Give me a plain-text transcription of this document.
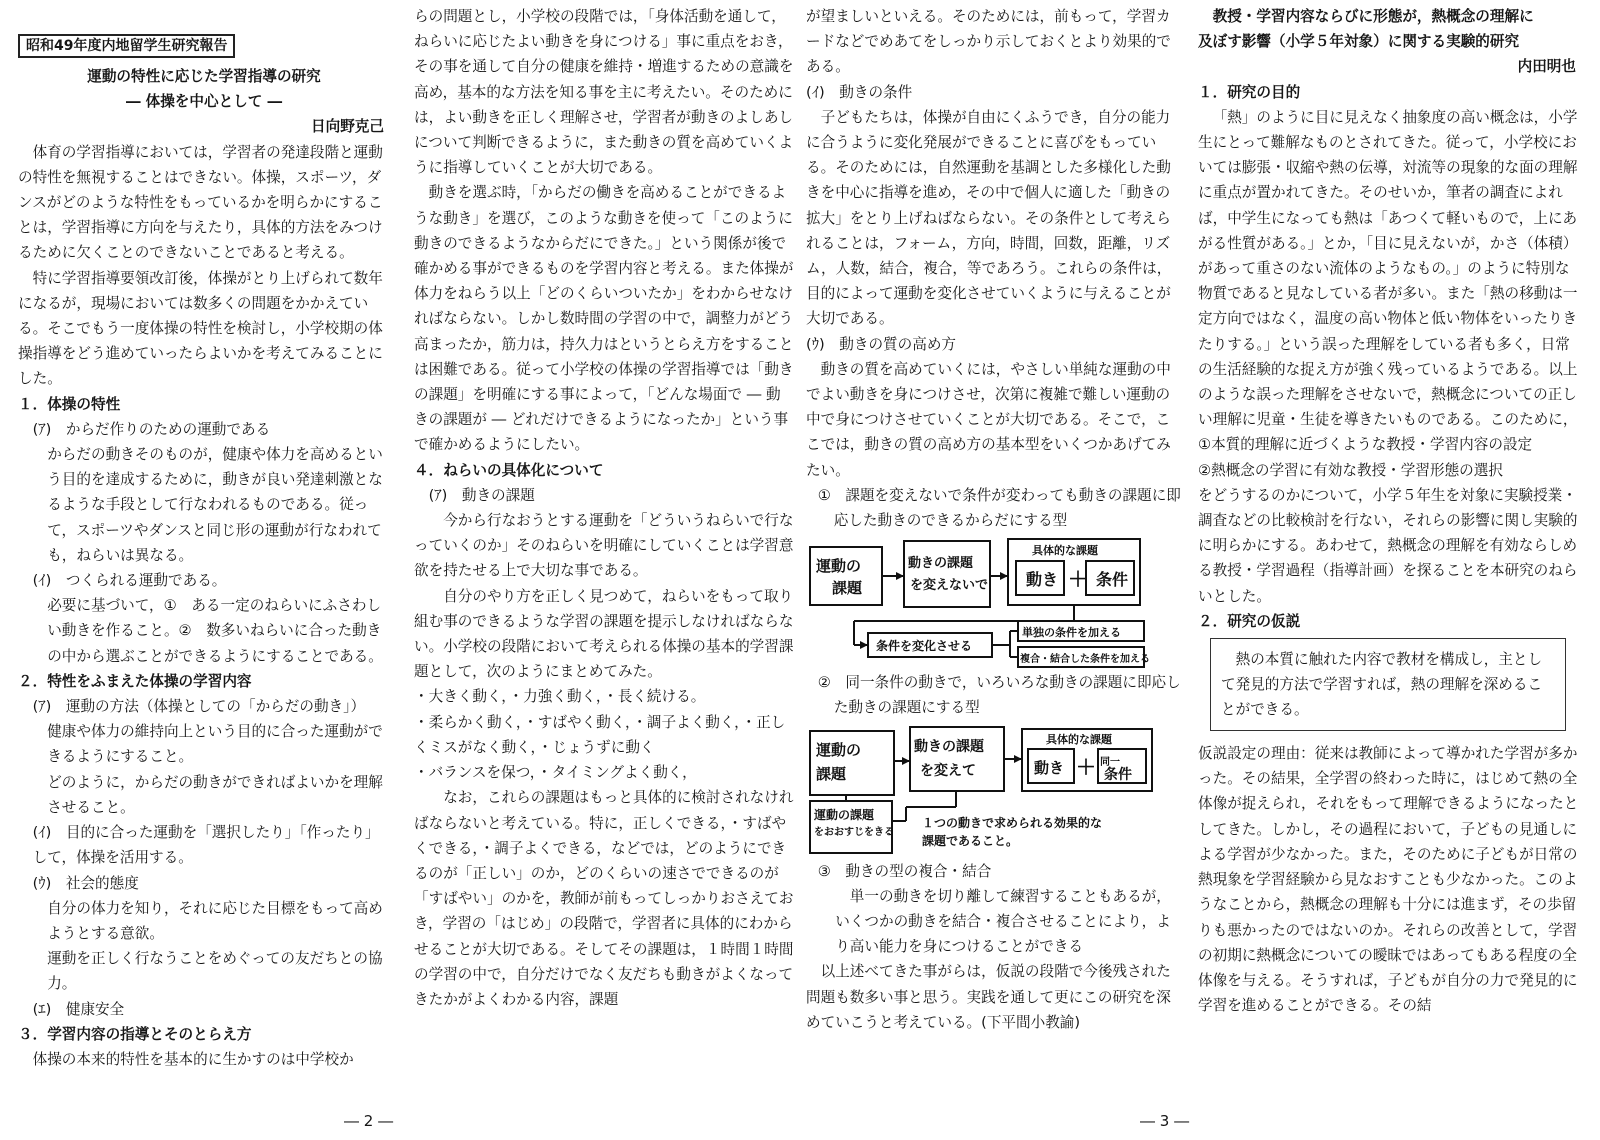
昭和49年度内地留学生研究報告

運動の特性に応じた学習指導の研究

― 体操を中心として ―

日向野克己

体育の学習指導においては，学習者の発達段階と運動の特性を無視することはできない。体操，スポーツ，ダンスがどのような特性をもっているかを明らかにすることは，学習指導に方向を与えたり，具体的方法をみつけるために欠くことのできないことであると考える。

特に学習指導要領改訂後，体操がとり上げられて数年になるが，現場においては数多くの問題をかかえている。そこでもう一度体操の特性を検討し，小学校期の体操指導をどう進めていったらよいかを考えてみることにした。

１．体操の特性

(ｱ)　からだ作りのための運動である

からだの動きそのものが，健康や体力を高めるという目的を達成するために，動きが良い発達刺激となるような手段として行なわれるものである。従って，スポーツやダンスと同じ形の運動が行なわれても，ねらいは異なる。

(ｲ)　つくられる運動である。

必要に基づいて，①　ある一定のねらいにふさわしい動きを作ること。②　数多いねらいに合った動きの中から選ぶことができるようにすることである。

２．特性をふまえた体操の学習内容

(ｱ)　運動の方法（体操としての「からだの動き」）

健康や体力の維持向上という目的に合った運動ができるようにすること。

どのように，からだの動きができればよいかを理解させること。

(ｲ)　目的に合った運動を「選択したり」「作ったり」して，体操を活用する。

(ｳ)　社会的態度

自分の体力を知り，それに応じた目標をもって高めようとする意欲。

運動を正しく行なうことをめぐっての友だちとの協力。

(ｴ)　健康安全

３．学習内容の指導とそのとらえ方

体操の本来的特性を基本的に生かすのは中学校か

らの問題とし，小学校の段階では，「身体活動を通して，ねらいに応じたよい動きを身につける」事に重点をおき，その事を通して自分の健康を維持・増進するための意識を高め，基本的な方法を知る事を主に考えたい。そのためには，よい動きを正しく理解させ，学習者が動きのよしあしについて判断できるように，また動きの質を高めていくように指導していくことが大切である。

動きを選ぶ時，「からだの働きを高めることができるような動き」を選び，このような動きを使って「このように動きのできるようなからだにできた。」という関係が後で確かめる事ができるものを学習内容と考える。また体操が体力をねらう以上「どのくらいついたか」をわからせなければならない。しかし数時間の学習の中で，調整力がどう高まったか，筋力は，持久力はというとらえ方をすることは困難である。従って小学校の体操の学習指導では「動きの課題」を明確にする事によって，「どんな場面で ― 動きの課題が ― どれだけできるようになったか」という事で確かめるようにしたい。

４．ねらいの具体化について

(ｱ)　動きの課題

今から行なおうとする運動を「どういうねらいで行なっていくのか」そのねらいを明確にしていくことは学習意欲を持たせる上で大切な事である。

自分のやり方を正しく見つめて，ねらいをもって取り組む事のできるような学習の課題を提示しなければならない。小学校の段階において考えられる体操の基本的学習課題として，次のようにまとめてみた。

・大きく動く，・力強く動く，・長く続ける。

・柔らかく動く，・すばやく動く，・調子よく動く，・正しくミスがなく動く，・じょうずに動く

・バランスを保つ，・タイミングよく動く，

なお，これらの課題はもっと具体的に検討されなければならないと考えている。特に，正しくできる，・すばやくできる，・調子よくできる，などでは，どのようにできるのが「正しい」のか，どのくらいの速さでできるのが「すばやい」のかを，教師が前もってしっかりおさえておき，学習の「はじめ」の段階で，学習者に具体的にわからせることが大切である。そしてその課題は，１時間１時間の学習の中で，自分だけでなく友だちも動きがよくなってきたかがよくわかる内容，課題

が望ましいといえる。そのためには，前もって，学習カードなどでめあてをしっかり示しておくとより効果的である。

(ｲ)　動きの条件

子どもたちは，体操が自由にくふうでき，自分の能力に合うように変化発展ができることに喜びをもっている。そのためには，自然運動を基調とした多様化した動きを中心に指導を進め，その中で個人に適した「動きの拡大」をとり上げねばならない。その条件として考えられることは，フォーム，方向，時間，回数，距離，リズム，人数，結合，複合，等であろう。これらの条件は，目的によって運動を変化させていくように与えることが大切である。

(ｳ)　動きの質の高め方

動きの質を高めていくには，やさしい単純な運動の中でよい動きを身につけさせ，次第に複雑で難しい運動の中で身につけさせていくことが大切である。そこで，ここでは，動きの質の高め方の基本型をいくつかあげてみたい。

①　課題を変えないで条件が変わっても動きの課題に即応した動きのできるからだにする型

運動の
課題
動きの課題
を変えないで
具体的な課題
動き ＋ 条件
条件を変化させる
単独の条件を加える
複合・結合した条件を加える

②　同一条件の動きで，いろいろな動きの課題に即応した動きの課題にする型

運動の
課題
動きの課題
を変えて
具体的な課題
動き ＋ 同一
条件
運動の課題
をおおすじをきる
１つの動きで求められる効果的な
課題であること。

③　動きの型の複合・結合

単一の動きを切り離して練習することもあるが，いくつかの動きを結合・複合させることにより，より高い能力を身につけることができる

以上述べてきた事がらは，仮説の段階で今後残された問題も数多い事と思う。実践を通して更にこの研究を深めていこうと考えている。(下平間小教諭)

教授・学習内容ならびに形態が，熱概念の理解に

及ぼす影響（小学５年対象）に関する実験的研究

内田明也

１．研究の目的

「熱」のように目に見えなく抽象度の高い概念は，小学生にとって難解なものとされてきた。従って，小学校においては膨張・収縮や熱の伝導，対流等の現象的な面の理解に重点が置かれてきた。そのせいか，筆者の調査によれば，中学生になっても熱は「あつくて軽いもので，上にあがる性質がある。」とか，「目に見えないが，かさ（体積）があって重さのない流体のようなもの。」のように特別な物質であると見なしている者が多い。また「熱の移動は一定方向ではなく，温度の高い物体と低い物体をいったりきたりする。」という誤った理解をしている者も多く，日常の生活経験的な捉え方が強く残っているようである。以上のような誤った理解をさせないで，熱概念についての正しい理解に児童・生徒を導きたいものである。このために，

①本質的理解に近づくような教授・学習内容の設定

②熱概念の学習に有効な教授・学習形態の選択

をどうするのかについて，小学５年生を対象に実験授業・調査などの比較検討を行ない，それらの影響に関し実験的に明らかにする。あわせて，熱概念の理解を有効ならしめる教授・学習過程（指導計画）を探ることを本研究のねらいとした。

２．研究の仮説

熱の本質に触れた内容で教材を構成し，主として発見的方法で学習すれば，熱の理解を深めることができる。

仮説設定の理由：従来は教師によって導かれた学習が多かった。その結果，全学習の終わった時に，はじめて熱の全体像が捉えられ，それをもって理解できるようになったとしてきた。しかし，その過程において，子どもの見通しによる学習が少なかった。また，そのために子どもが日常の熱現象を学習経験から見なおすことも少なかった。このようなことから，熱概念の理解も十分には進まず，その歩留りも悪かったのではないのか。それらの改善として，学習の初期に熱概念についての曖昧ではあってもある程度の全体像を与える。そうすれば，子どもが自分の力で発見的に学習を進めることができる。その結

― 2 ―	― 3 ―
